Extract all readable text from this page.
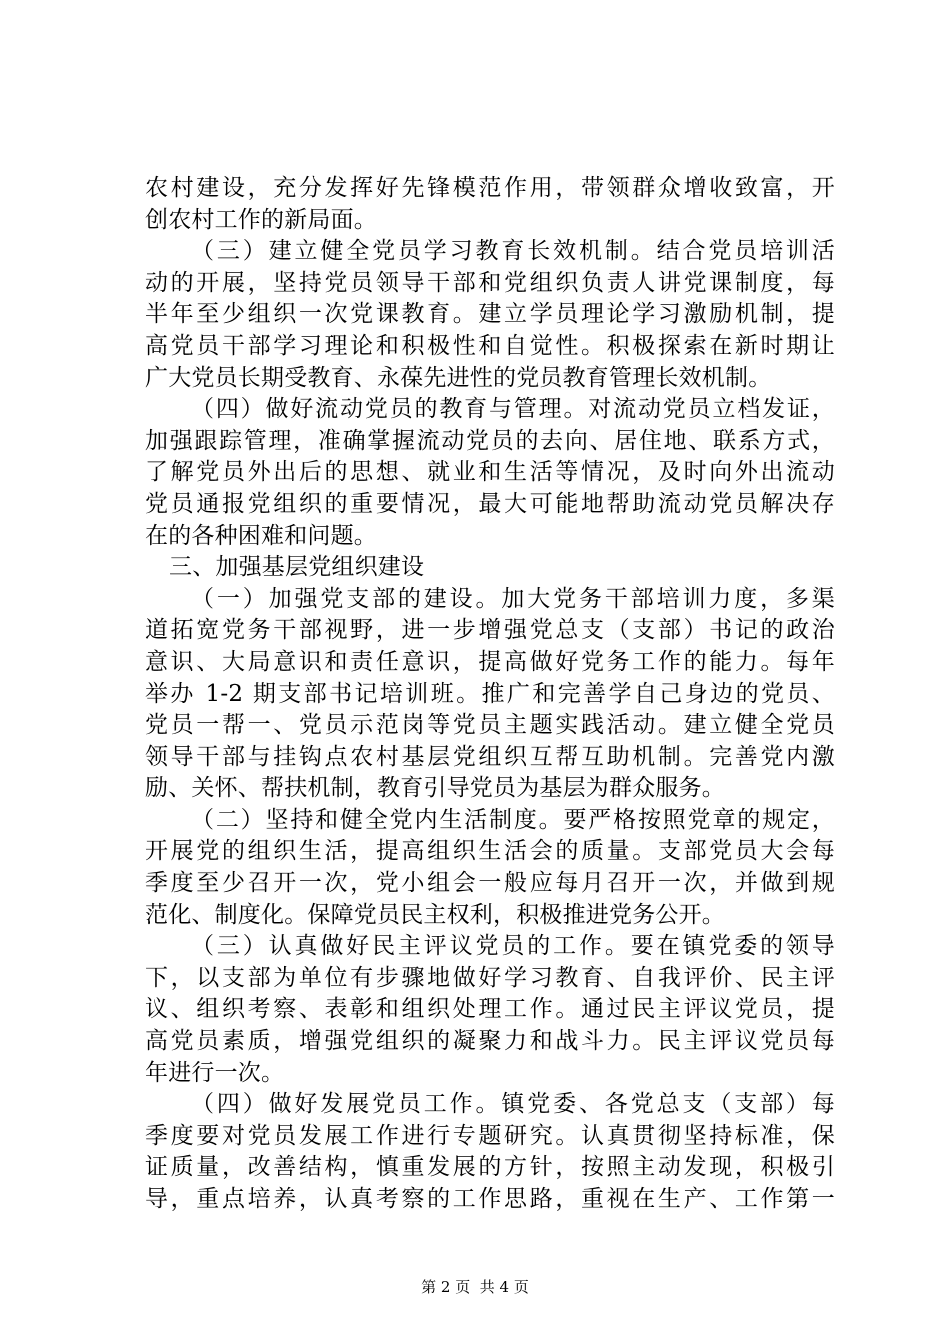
农村建设，充分发挥好先锋模范作用，带领群众增收致富，开
创农村工作的新局面。
（三）建立健全党员学习教育长效机制。结合党员培训活
动的开展，坚持党员领导干部和党组织负责人讲党课制度，每
半年至少组织一次党课教育。建立学员理论学习激励机制，提
高党员干部学习理论和积极性和自觉性。积极探索在新时期让
广大党员长期受教育、永葆先进性的党员教育管理长效机制。
（四）做好流动党员的教育与管理。对流动党员立档发证，
加强跟踪管理，准确掌握流动党员的去向、居住地、联系方式，
了解党员外出后的思想、就业和生活等情况，及时向外出流动
党员通报党组织的重要情况，最大可能地帮助流动党员解决存
在的各种困难和问题。
三、加强基层党组织建设
（一）加强党支部的建设。加大党务干部培训力度，多渠
道拓宽党务干部视野，进一步增强党总支（支部）书记的政治
意识、大局意识和责任意识，提高做好党务工作的能力。每年
举办 1-2 期支部书记培训班。推广和完善学自己身边的党员、
党员一帮一、党员示范岗等党员主题实践活动。建立健全党员
领导干部与挂钩点农村基层党组织互帮互助机制。完善党内激
励、关怀、帮扶机制，教育引导党员为基层为群众服务。
（二）坚持和健全党内生活制度。要严格按照党章的规定，
开展党的组织生活，提高组织生活会的质量。支部党员大会每
季度至少召开一次，党小组会一般应每月召开一次，并做到规
范化、制度化。保障党员民主权利，积极推进党务公开。
（三）认真做好民主评议党员的工作。要在镇党委的领导
下，以支部为单位有步骤地做好学习教育、自我评价、民主评
议、组织考察、表彰和组织处理工作。通过民主评议党员，提
高党员素质，增强党组织的凝聚力和战斗力。民主评议党员每
年进行一次。
（四）做好发展党员工作。镇党委、各党总支（支部）每
季度要对党员发展工作进行专题研究。认真贯彻坚持标准，保
证质量，改善结构，慎重发展的方针，按照主动发现，积极引
导，重点培养，认真考察的工作思路，重视在生产、工作第一
第 2 页  共 4 页
